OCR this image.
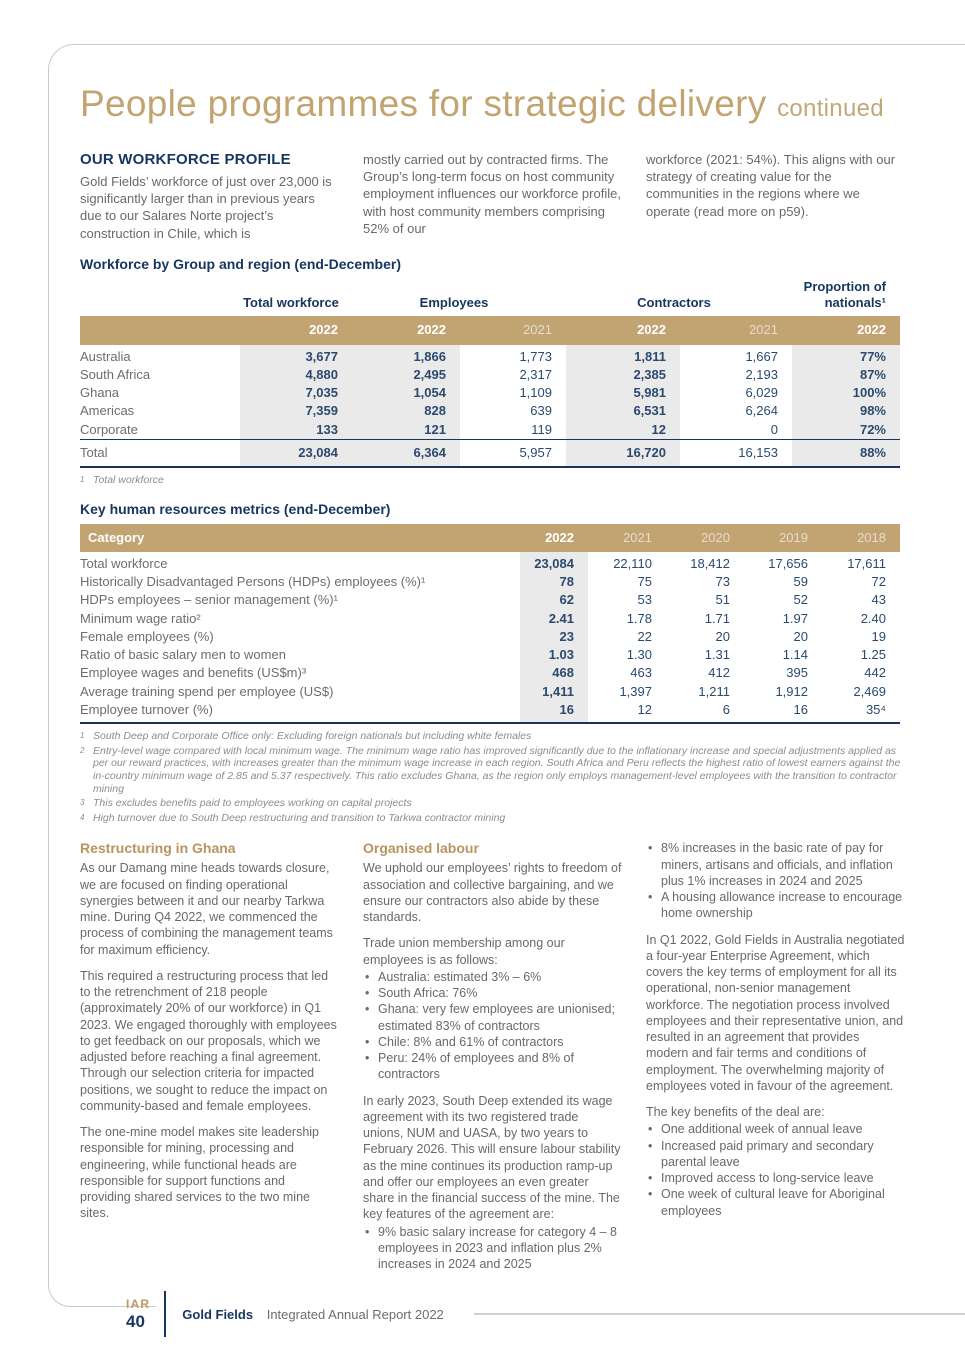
People programmes for strategic delivery continued
OUR WORKFORCE PROFILE

Gold Fields’ workforce of just over 23,000 is significantly larger than in previous years due to our Salares Norte project’s construction in Chile, which is

mostly carried out by contracted firms. The Group’s long-term focus on host community employment influences our workforce profile, with host community members comprising 52% of our

workforce (2021: 54%). This aligns with our strategy of creating value for the communities in the regions where we operate (read more on p59).

Workforce by Group and region (end-December)

	Total workforce	Employees		Contractors		Proportion of nationals¹
	2022	2022	2021	2022	2021	2022
Australia	3,677	1,866	1,773	1,811	1,667	77%
South Africa	4,880	2,495	2,317	2,385	2,193	87%
Ghana	7,035	1,054	1,109	5,981	6,029	100%
Americas	7,359	828	639	6,531	6,264	98%
Corporate	133	121	119	12	0	72%
Total	23,084	6,364	5,957	16,720	16,153	88%
1 Total workforce

Key human resources metrics (end-December)

Category	2022	2021	2020	2019	2018
Total workforce	23,084	22,110	18,412	17,656	17,611
Historically Disadvantaged Persons (HDPs) employees (%)¹	78	75	73	59	72
HDPs employees – senior management (%)¹	62	53	51	52	43
Minimum wage ratio²	2.41	1.78	1.71	1.97	2.40
Female employees (%)	23	22	20	20	19
Ratio of basic salary men to women	1.03	1.30	1.31	1.14	1.25
Employee wages and benefits (US$m)³	468	463	412	395	442
Average training spend per employee (US$)	1,411	1,397	1,211	1,912	2,469
Employee turnover (%)	16	12	6	16	35⁴
1 South Deep and Corporate Office only: Excluding foreign nationals but including white females
2 Entry-level wage compared with local minimum wage. The minimum wage ratio has improved significantly due to the inflationary increase and special adjustments applied as per our reward practices, with increases greater than the minimum wage increase in each region. South Africa and Peru reflects the highest ratio of lowest earners against the in-country minimum wage of 2.85 and 5.37 respectively. This ratio excludes Ghana, as the region only employs management-level employees with the transition to contractor mining
3 This excludes benefits paid to employees working on capital projects
4 High turnover due to South Deep restructuring and transition to Tarkwa contractor mining
Restructuring in Ghana

As our Damang mine heads towards closure, we are focused on finding operational synergies between it and our nearby Tarkwa mine. During Q4 2022, we commenced the process of combining the management teams for maximum efficiency.

This required a restructuring process that led to the retrenchment of 218 people (approximately 20% of our workforce) in Q1 2023. We engaged thoroughly with employees to get feedback on our proposals, which we adjusted before reaching a final agreement. Through our selection criteria for impacted positions, we sought to reduce the impact on community-based and female employees.

The one-mine model makes site leadership responsible for mining, processing and engineering, while functional heads are responsible for support functions and providing shared services to the two mine sites.

Organised labour

We uphold our employees’ rights to freedom of association and collective bargaining, and we ensure our contractors also abide by these standards.

Trade union membership among our employees is as follows:

• Australia: estimated 3% – 6%
• South Africa: 76%
• Ghana: very few employees are unionised; estimated 83% of contractors
• Chile: 8% and 61% of contractors
• Peru: 24% of employees and 8% of contractors

In early 2023, South Deep extended its wage agreement with its two registered trade unions, NUM and UASA, by two years to February 2026. This will ensure labour stability as the mine continues its production ramp-up and offer our employees an even greater share in the financial success of the mine. The key features of the agreement are:

• 9% basic salary increase for category 4 – 8 employees in 2023 and inflation plus 2% increases in 2024 and 2025
• 8% increases in the basic rate of pay for miners, artisans and officials, and inflation plus 1% increases in 2024 and 2025
• A housing allowance increase to encourage home ownership

In Q1 2022, Gold Fields in Australia negotiated a four-year Enterprise Agreement, which covers the key terms of employment for all its operational, non-senior management workforce. The negotiation process involved employees and their representative union, and resulted in an agreement that provides modern and fair terms and conditions of employment. The overwhelming majority of employees voted in favour of the agreement.

The key benefits of the deal are:

• One additional week of annual leave
• Increased paid primary and secondary parental leave
• Improved access to long-service leave
• One week of cultural leave for Aboriginal employees
IAR
40	Gold Fields Integrated Annual Report 2022
